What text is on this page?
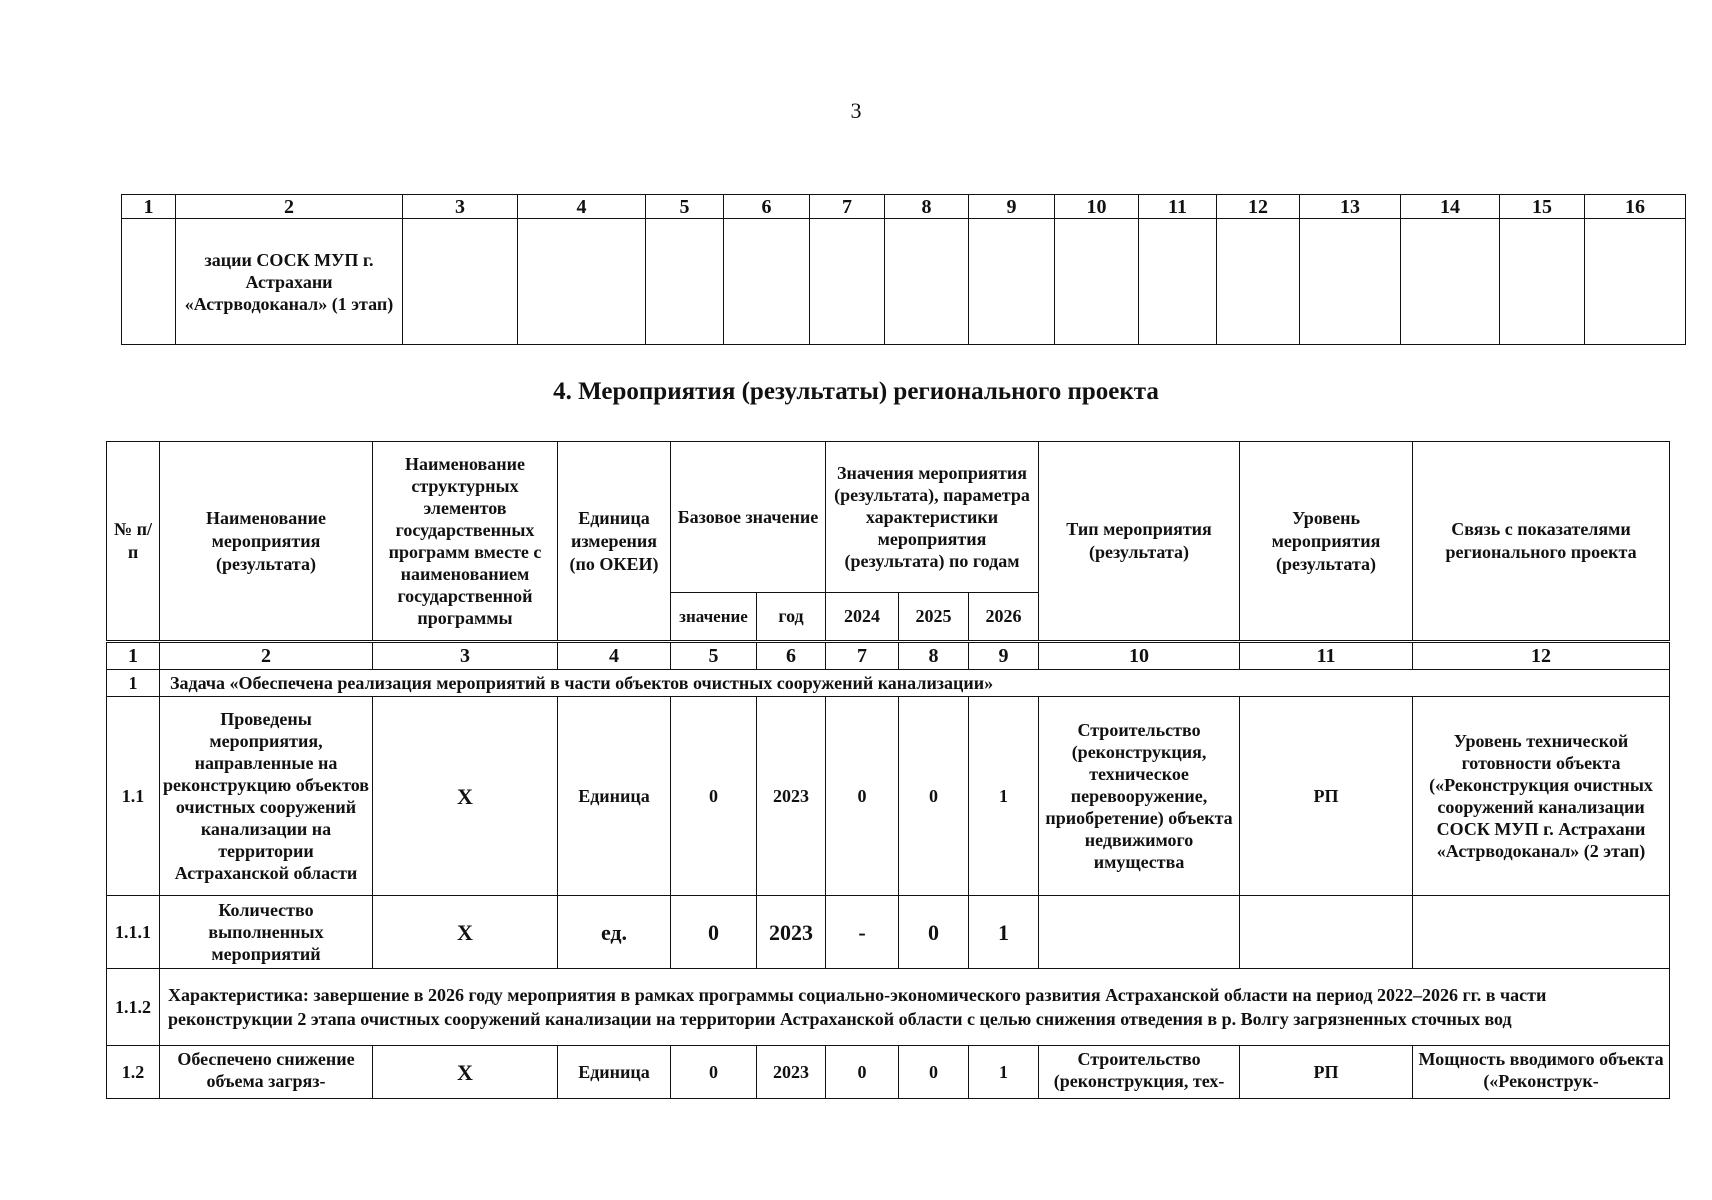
3
1	2	3	4	5	6	7	8	9	10	11	12	13	14	15	16
	зации СОСК МУП г. Астрахани «Астрводоканал» (1 этап)														
4. Мероприятия (результаты) регионального проекта
№ п/п	Наименование мероприятия (результата)	Наименование структурных элементов государственных программ вместе с наименованием государственной программы	Единица измерения (по ОКЕИ)	Базовое значение		Значения мероприятия (результата), параметра характеристики мероприятия (результата) по годам			Тип мероприятия (результата)	Уровень мероприятия (результата)	Связь с показателями регионального проекта
				значение	год	2024	2025	2026			
1	2	3	4	5	6	7	8	9	10	11	12
1	Задача «Обеспечена реализация мероприятий в части объектов очистных сооружений канализации»										
1.1	Проведены мероприятия, направленные на реконструкцию объектов очистных сооружений канализации на территории Астраханской области	Х	Единица	0	2023	0	0	1	Строительство (реконструкция, техническое перевооружение, приобретение) объекта недвижимого имущества	РП	Уровень технической готовности объекта («Реконструкция очистных сооружений канализации СОСК МУП г. Астрахани «Астрводоканал» (2 этап)
1.1.1	Количество выполненных мероприятий	Х	ед.	0	2023	-	0	1			
1.1.2	Характеристика: завершение в 2026 году мероприятия в рамках программы социально-экономического развития Астраханской области на период 2022–2026 гг. в части реконструкции 2 этапа очистных сооружений канализации на территории Астраханской области с целью снижения отведения в р. Волгу загрязненных сточных вод										
1.2	Обеспечено снижение объема загряз-	Х	Единица	0	2023	0	0	1	Строительство (реконструкция, тех-	РП	Мощность вводимого объекта («Реконструк-
